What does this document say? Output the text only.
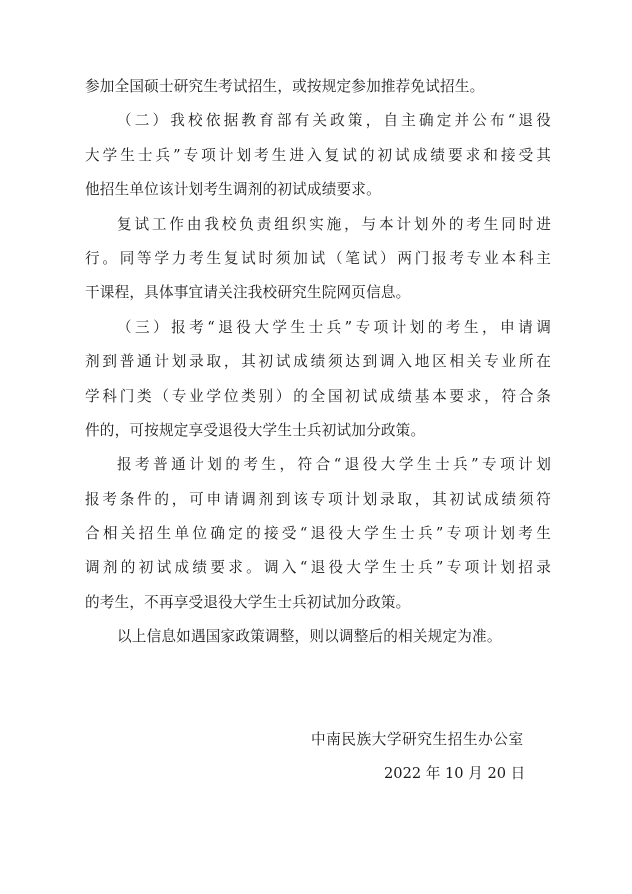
参加全国硕士研究生考试招生，或按规定参加推荐免试招生。
（二）我校依据教育部有关政策，自主确定并公布“退役
大学生士兵”专项计划考生进入复试的初试成绩要求和接受其
他招生单位该计划考生调剂的初试成绩要求。
复试工作由我校负责组织实施，与本计划外的考生同时进
行。同等学力考生复试时须加试（笔试）两门报考专业本科主
干课程，具体事宜请关注我校研究生院网页信息。
（三）报考“退役大学生士兵”专项计划的考生，申请调
剂到普通计划录取，其初试成绩须达到调入地区相关专业所在
学科门类（专业学位类别）的全国初试成绩基本要求，符合条
件的，可按规定享受退役大学生士兵初试加分政策。
报考普通计划的考生，符合“退役大学生士兵”专项计划
报考条件的，可申请调剂到该专项计划录取，其初试成绩须符
合相关招生单位确定的接受“退役大学生士兵”专项计划考生
调剂的初试成绩要求。调入“退役大学生士兵”专项计划招录
的考生，不再享受退役大学生士兵初试加分政策。
以上信息如遇国家政策调整，则以调整后的相关规定为准。
中南民族大学研究生招生办公室
2022 年 10 月 20 日
